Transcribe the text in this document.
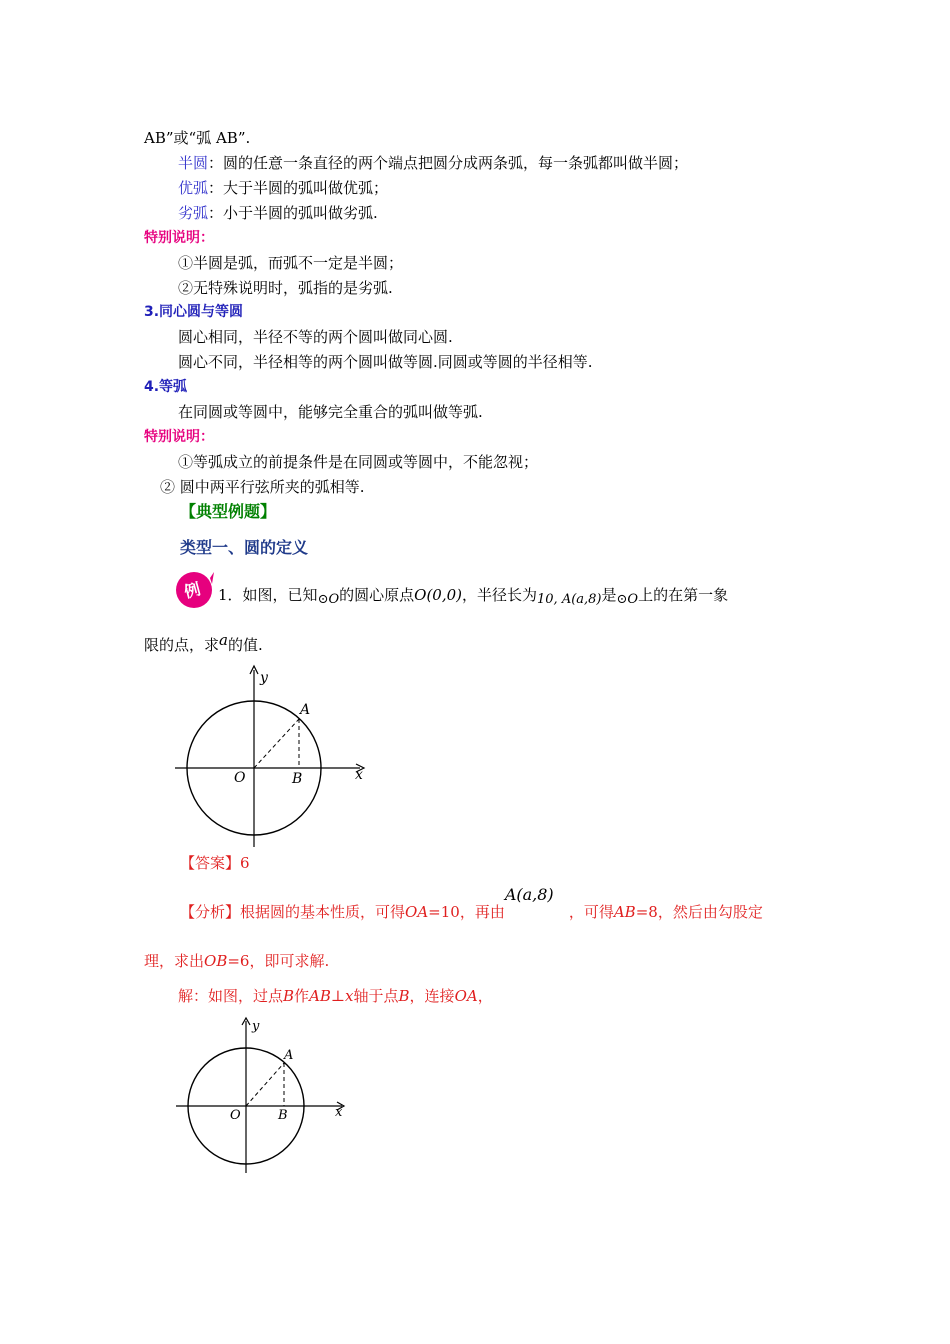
AB”或“弧 AB”.
半圆：圆的任意一条直径的两个端点把圆分成两条弧，每一条弧都叫做半圆；
优弧：大于半圆的弧叫做优弧；
劣弧：小于半圆的弧叫做劣弧.
特别说明：
①半圆是弧，而弧不一定是半圆；
②无特殊说明时，弧指的是劣弧.
3.同心圆与等圆
圆心相同，半径不等的两个圆叫做同心圆.
圆心不同，半径相等的两个圆叫做等圆.同圆或等圆的半径相等.
4.等弧
在同圆或等圆中，能够完全重合的弧叫做等弧.
特别说明：
①等弧成立的前提条件是在同圆或等圆中，不能忽视；
② 圆中两平行弦所夹的弧相等.
【典型例题】
类型一、圆的定义
例 1．如图，已知⊙O的圆心原点O(0,0)，半径长为10, A(a,8)是⊙O上的在第一象
限的点，求a的值.
y
x
O
A
B
【答案】6
【分析】根据圆的基本性质，可得OA=10，再由A(a,8)，可得AB=8，然后由勾股定
理，求出OB=6，即可求解.
解：如图，过点B作AB⊥x轴于点B，连接OA，
y
x
O
A
B
